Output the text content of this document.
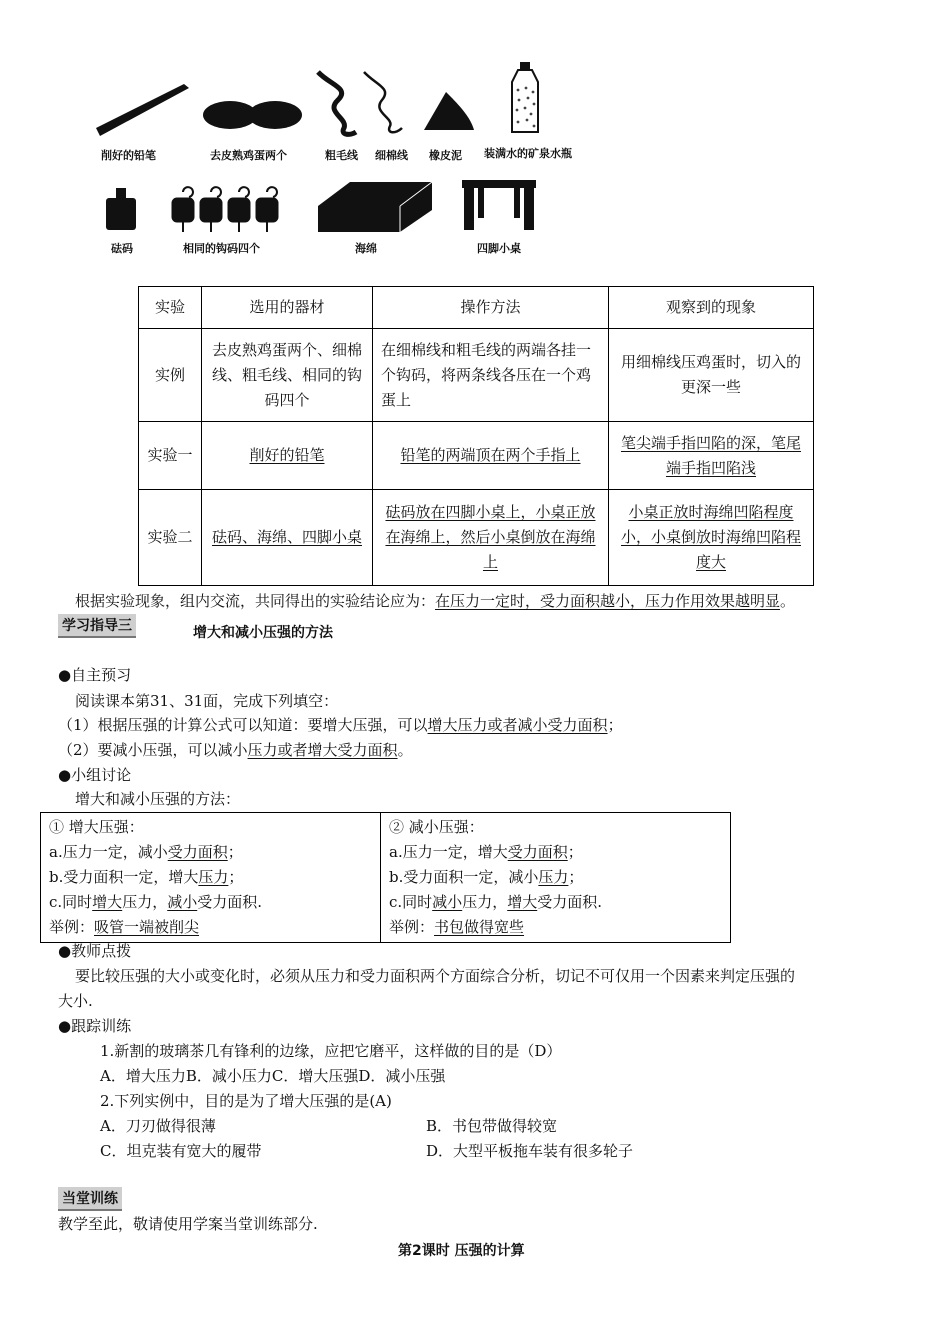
削好的铅笔	去皮熟鸡蛋两个	粗毛线 细棉线 橡皮泥 装满水的矿泉水瓶
砝码	相同的钩码四个	海绵	四脚小桌
实验	选用的器材	操作方法	观察到的现象
实例	去皮熟鸡蛋两个、细棉线、粗毛线、相同的钩码四个	在细棉线和粗毛线的两端各挂一个钩码，将两条线各压在一个鸡蛋上	用细棉线压鸡蛋时，切入的更深一些
实验一	削好的铅笔	铅笔的两端顶在两个手指上	笔尖端手指凹陷的深，笔尾端手指凹陷浅
实验二	砝码、海绵、四脚小桌	砝码放在四脚小桌上，小桌正放在海绵上，然后小桌倒放在海绵上	小桌正放时海绵凹陷程度小，小桌倒放时海绵凹陷程度大
根据实验现象，组内交流，共同得出的实验结论应为：在压力一定时，受力面积越小，压力作用效果越明显。
学习指导三	增大和减小压强的方法
●自主预习
阅读课本第31、31面，完成下列填空：
（1）根据压强的计算公式可以知道：要增大压强，可以增大压力或者减小受力面积；
（2）要减小压强，可以减小压力或者增大受力面积。
●小组讨论
增大和减小压强的方法：
① 增大压强：
a.压力一定，减小受力面积；
b.受力面积一定，增大压力；
c.同时增大压力，减小受力面积.
举例：吸管一端被削尖

② 减小压强：
a.压力一定，增大受力面积；
b.受力面积一定，减小压力；
c.同时减小压力，增大受力面积.
举例：书包做得宽些
●教师点拨
要比较压强的大小或变化时，必须从压力和受力面积两个方面综合分析，切记不可仅用一个因素来判定压强的
大小.
●跟踪训练
1.新割的玻璃茶几有锋利的边缘，应把它磨平，这样做的目的是（D）
A．增大压力B．减小压力C．增大压强D．减小压强
2.下列实例中，目的是为了增大压强的是(A)
A．刀刃做得很薄	B．书包带做得较宽
C．坦克装有宽大的履带	D．大型平板拖车装有很多轮子
当堂训练
教学至此，敬请使用学案当堂训练部分.
第2课时 压强的计算
